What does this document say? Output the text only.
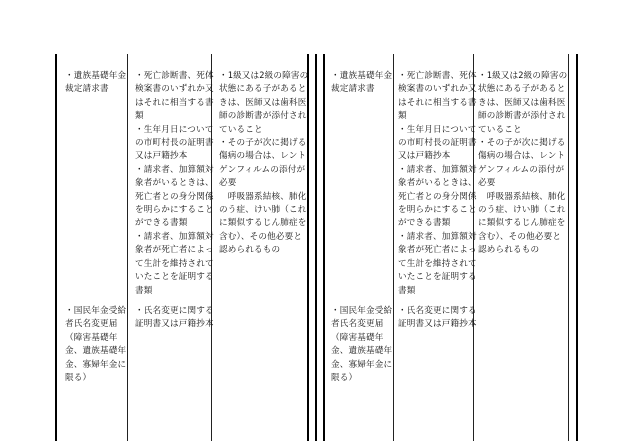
・遺族基礎年金
裁定請求書
・死亡診断書、死体
検案書のいずれか又
はそれに相当する書
類
・生年月日について
の市町村長の証明書
又は戸籍抄本
・請求者、加算額対
象者がいるときは、
死亡者との身分関係
を明らかにすること
ができる書類
・請求者、加算額対
象者が死亡者によっ
て生計を維持されて
いたことを証明する
書類
・1級又は2級の障害の
状態にある子があると
きは、医師又は歯科医
師の診断書が添付され
ていること
・その子が次に掲げる
傷病の場合は、レント
ゲンフィルムの添付が
必要
　呼吸器系結核、肺化
のう症、けい肺（これ
に類似するじん肺症を
含む）、その他必要と
認められるもの
・国民年金受給
者氏名変更届
（障害基礎年
金、遺族基礎年
金、寡婦年金に
限る）
・氏名変更に関する
証明書又は戸籍抄本
・遺族基礎年金
裁定請求書
・死亡診断書、死体
検案書のいずれか又
はそれに相当する書
類
・生年月日について
の市町村長の証明書
又は戸籍抄本
・請求者、加算額対
象者がいるときは、
死亡者との身分関係
を明らかにすること
ができる書類
・請求者、加算額対
象者が死亡者によっ
て生計を維持されて
いたことを証明する
書類
・1級又は2級の障害の
状態にある子があると
きは、医師又は歯科医
師の診断書が添付され
ていること
・その子が次に掲げる
傷病の場合は、レント
ゲンフィルムの添付が
必要
　呼吸器系結核、肺化
のう症、けい肺（これ
に類似するじん肺症を
含む）、その他必要と
認められるもの
・国民年金受給
者氏名変更届
（障害基礎年
金、遺族基礎年
金、寡婦年金に
限る）
・氏名変更に関する
証明書又は戸籍抄本
